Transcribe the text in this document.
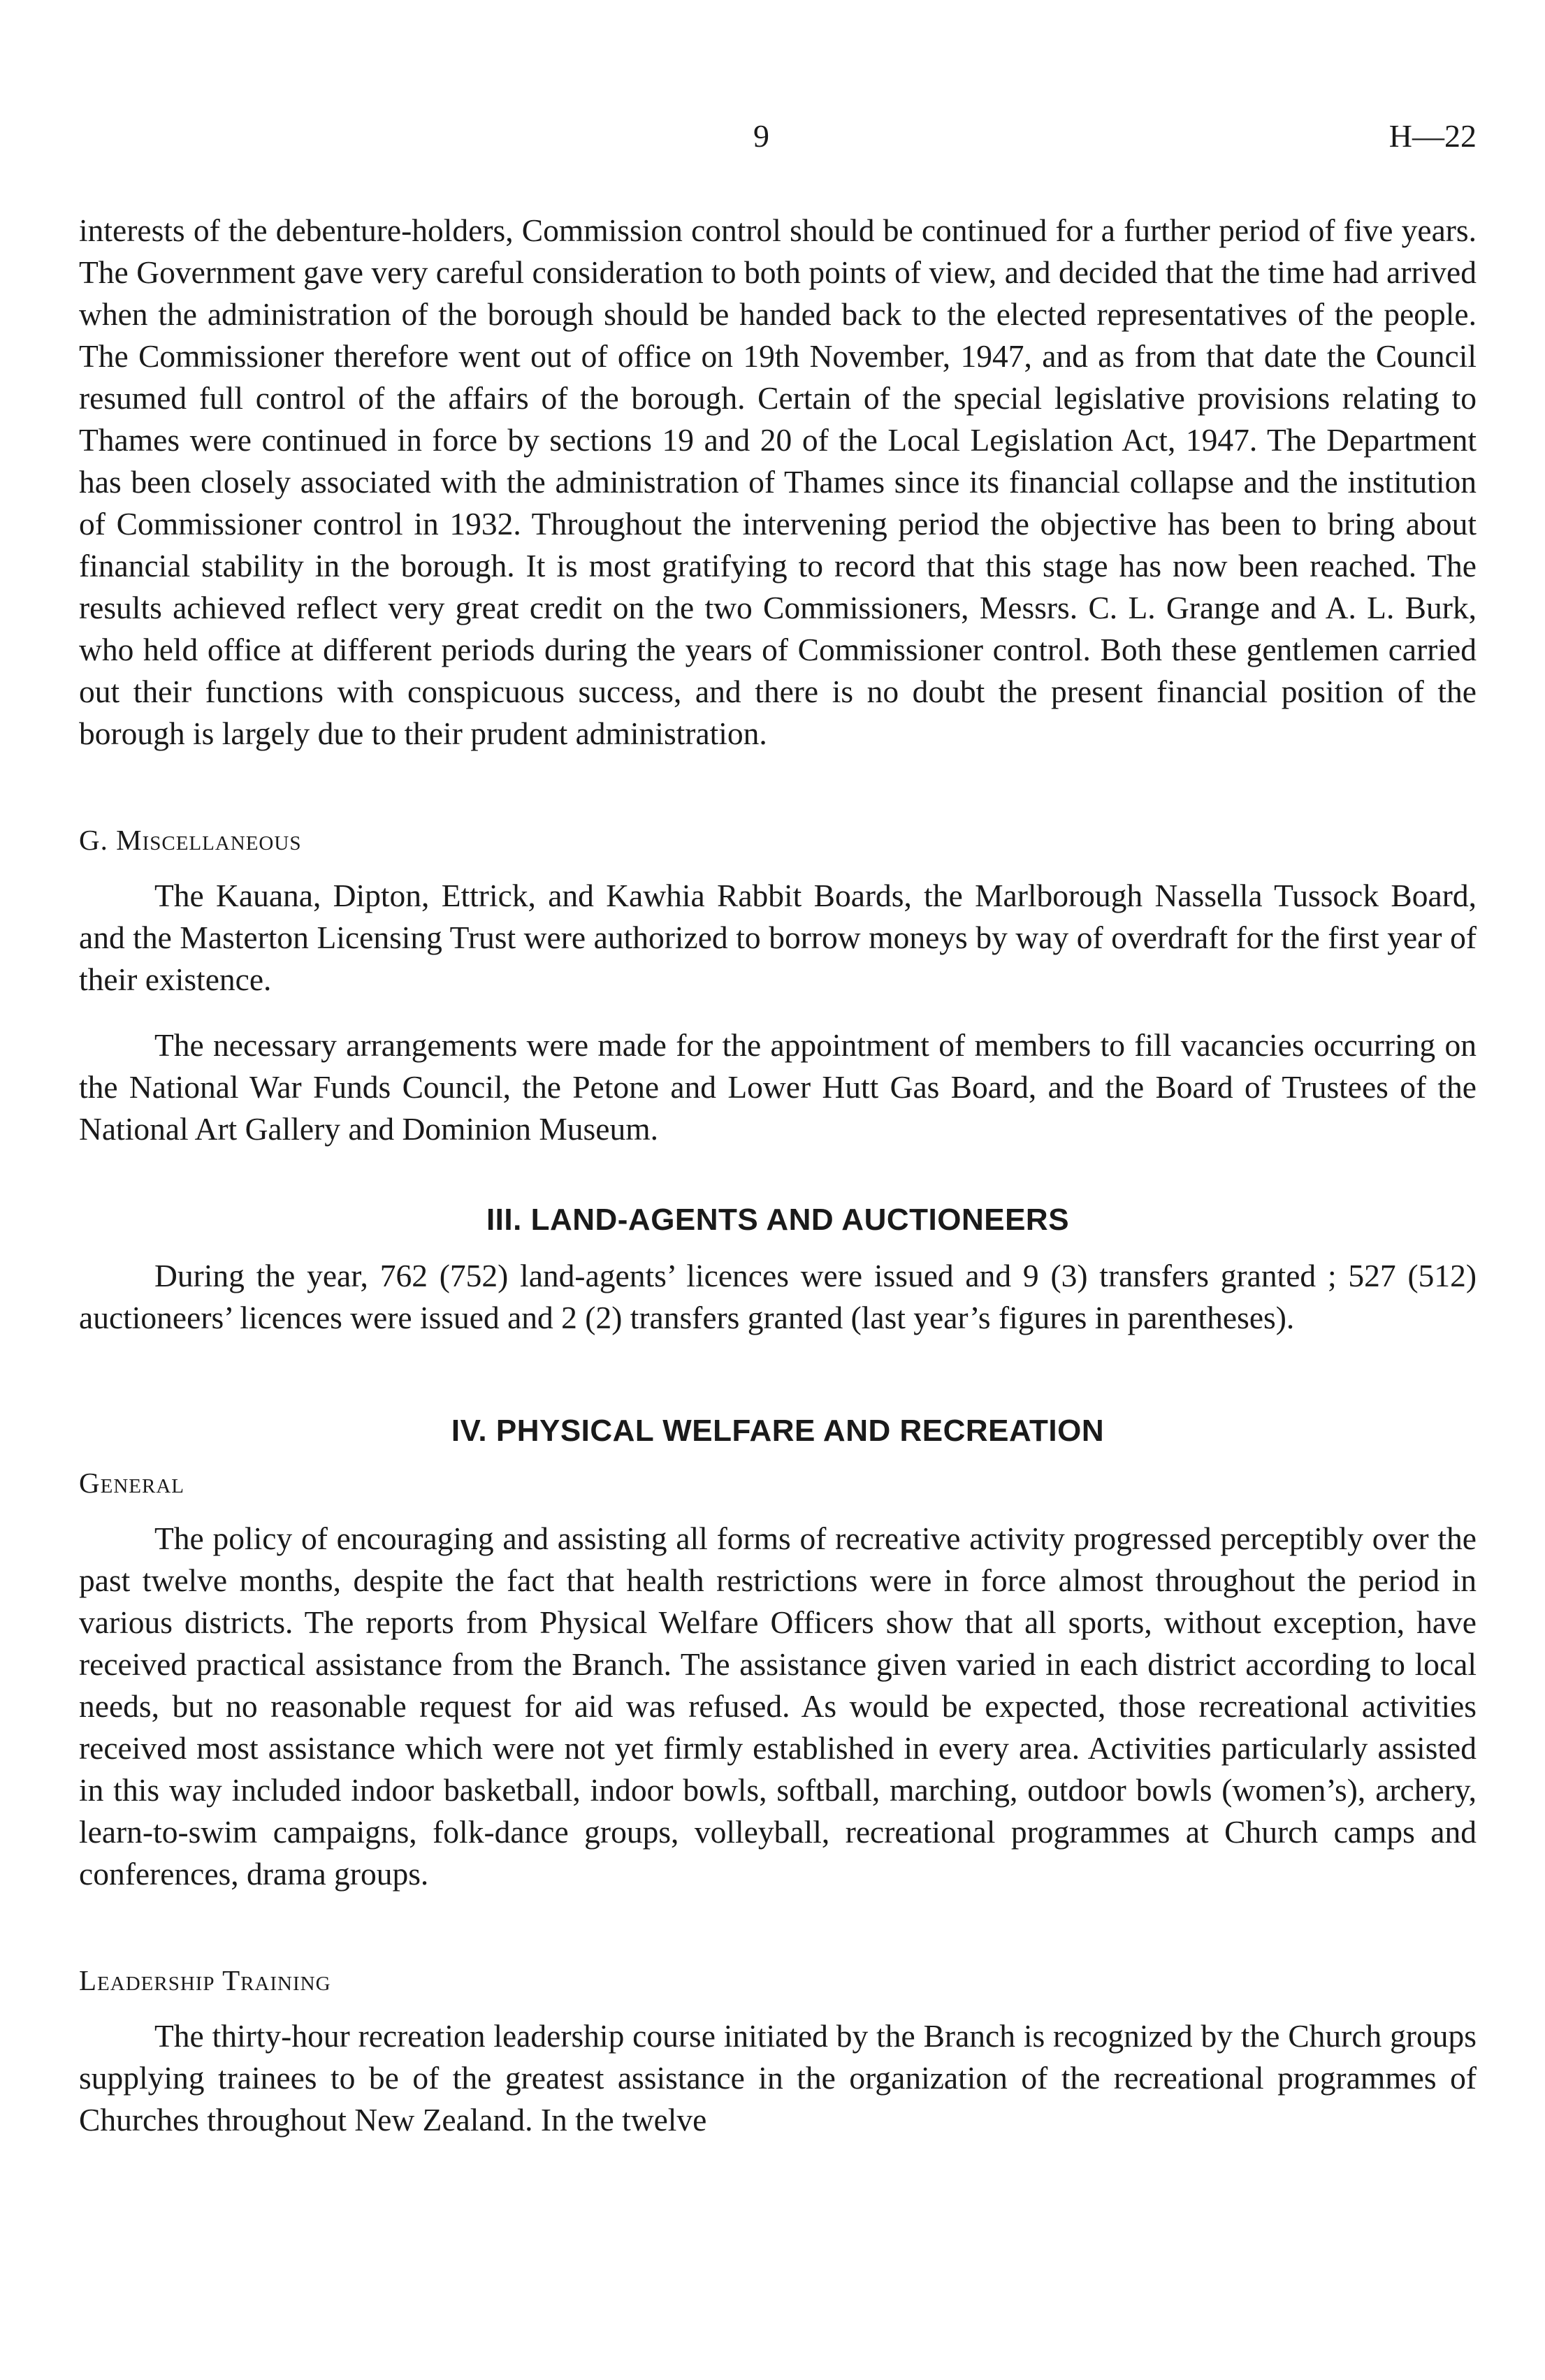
9	H—22

interests of the debenture-holders, Commission control should be continued for a further period of five years. The Government gave very careful consideration to both points of view, and decided that the time had arrived when the administration of the borough should be handed back to the elected representatives of the people. The Commissioner therefore went out of office on 19th November, 1947, and as from that date the Council resumed full control of the affairs of the borough. Certain of the special legislative provisions relating to Thames were continued in force by sections 19 and 20 of the Local Legislation Act, 1947. The Department has been closely associated with the administration of Thames since its financial collapse and the institution of Commissioner control in 1932. Throughout the intervening period the objective has been to bring about financial stability in the borough. It is most gratifying to record that this stage has now been reached. The results achieved reflect very great credit on the two Commissioners, Messrs. C. L. Grange and A. L. Burk, who held office at different periods during the years of Commissioner control. Both these gentlemen carried out their functions with conspicuous success, and there is no doubt the present financial position of the borough is largely due to their prudent administration.

G. Miscellaneous

The Kauana, Dipton, Ettrick, and Kawhia Rabbit Boards, the Marlborough Nassella Tussock Board, and the Masterton Licensing Trust were authorized to borrow moneys by way of overdraft for the first year of their existence.

The necessary arrangements were made for the appointment of members to fill vacancies occurring on the National War Funds Council, the Petone and Lower Hutt Gas Board, and the Board of Trustees of the National Art Gallery and Dominion Museum.

III. LAND-AGENTS AND AUCTIONEERS

During the year, 762 (752) land-agents’ licences were issued and 9 (3) transfers granted ; 527 (512) auctioneers’ licences were issued and 2 (2) transfers granted (last year’s figures in parentheses).

IV. PHYSICAL WELFARE AND RECREATION
General

The policy of encouraging and assisting all forms of recreative activity progressed perceptibly over the past twelve months, despite the fact that health restrictions were in force almost throughout the period in various districts. The reports from Physical Welfare Officers show that all sports, without exception, have received practical assistance from the Branch. The assistance given varied in each district according to local needs, but no reasonable request for aid was refused. As would be expected, those recreational activities received most assistance which were not yet firmly established in every area. Activities particularly assisted in this way included indoor basketball, indoor bowls, softball, marching, outdoor bowls (women’s), archery, learn-to-swim campaigns, folk-dance groups, volleyball, recreational programmes at Church camps and conferences, drama groups.

Leadership Training

The thirty-hour recreation leadership course initiated by the Branch is recognized by the Church groups supplying trainees to be of the greatest assistance in the organization of the recreational programmes of Churches throughout New Zealand. In the twelve
